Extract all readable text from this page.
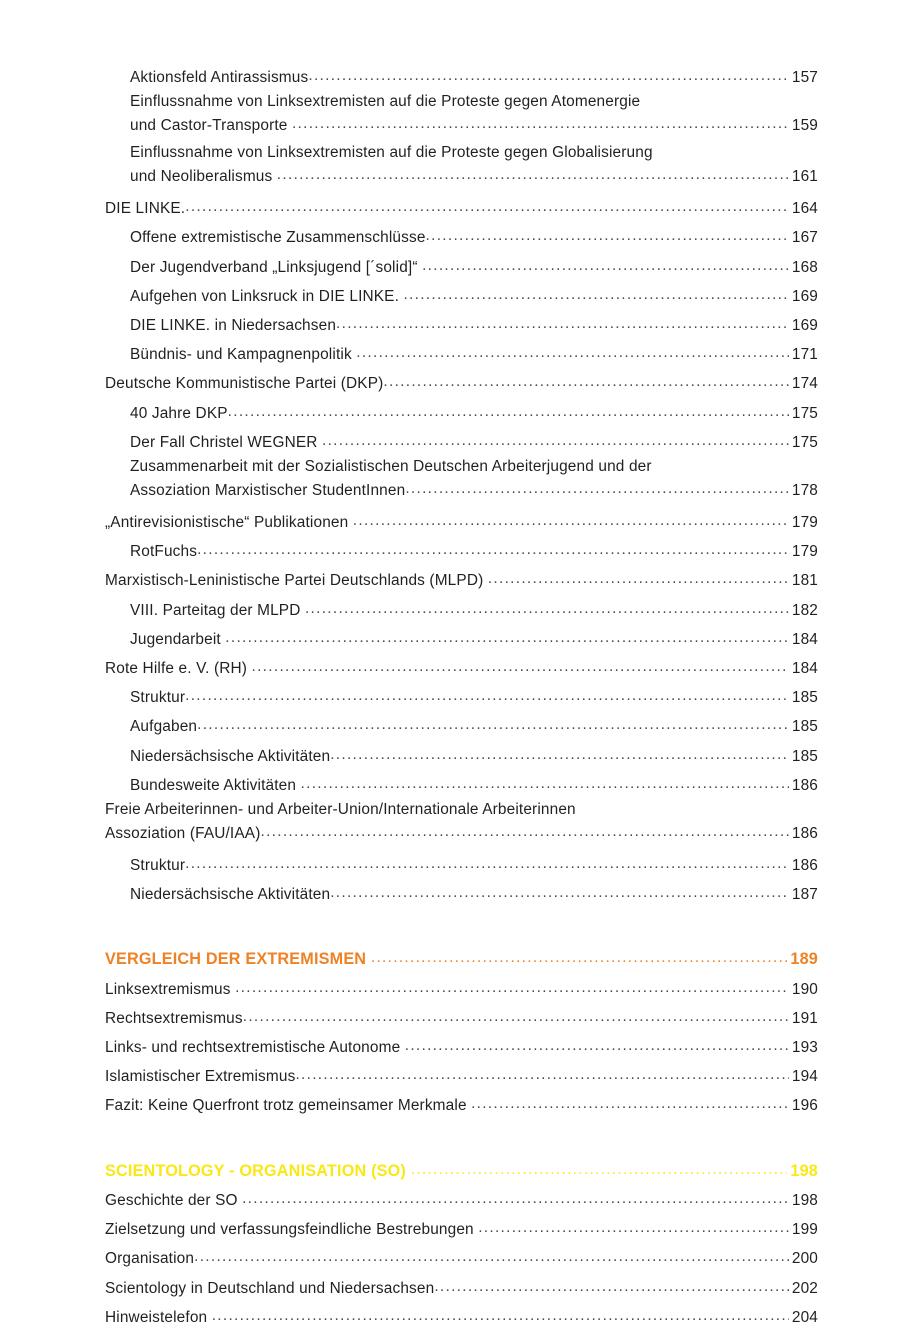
Aktionsfeld Antirassismus .....	157
Einflussnahme von Linksextremisten auf die Proteste gegen Atomenergie
und Castor-Transporte .....	159
Einflussnahme von Linksextremisten auf die Proteste gegen Globalisierung
und Neoliberalismus .....	161
DIE LINKE. .....	164
Offene extremistische Zusammenschlüsse .....	167
Der Jugendverband „Linksjugend [´solid]“ .....	168
Aufgehen von Linksruck in DIE LINKE. .....	169
DIE LINKE. in Niedersachsen .....	169
Bündnis- und Kampagnenpolitik .....	171
Deutsche Kommunistische Partei (DKP) .....	174
40 Jahre DKP .....	175
Der Fall Christel WEGNER .....	175
Zusammenarbeit mit der Sozialistischen Deutschen Arbeiterjugend und der
Assoziation Marxistischer StudentInnen .....	178
„Antirevisionistische“ Publikationen .....	179
RotFuchs .....	179
Marxistisch-Leninistische Partei Deutschlands (MLPD) .....	181
VIII. Parteitag der MLPD .....	182
Jugendarbeit .....	184
Rote Hilfe e. V. (RH) .....	184
Struktur .....	185
Aufgaben .....	185
Niedersächsische Aktivitäten .....	185
Bundesweite Aktivitäten .....	186
Freie Arbeiterinnen- und Arbeiter-Union/Internationale Arbeiterinnen
Assoziation (FAU/IAA) .....	186
Struktur .....	186
Niedersächsische Aktivitäten .....	187
VERGLEICH DER EXTREMISMEN .....	189
Linksextremismus .....	190
Rechtsextremismus .....	191
Links- und rechtsextremistische Autonome .....	193
Islamistischer Extremismus .....	194
Fazit: Keine Querfront trotz gemeinsamer Merkmale .....	196
SCIENTOLOGY - ORGANISATION (SO) .....	198
Geschichte der SO .....	198
Zielsetzung und verfassungsfeindliche Bestrebungen .....	199
Organisation .....	200
Scientology in Deutschland und Niedersachsen .....	202
Hinweistelefon .....	204
